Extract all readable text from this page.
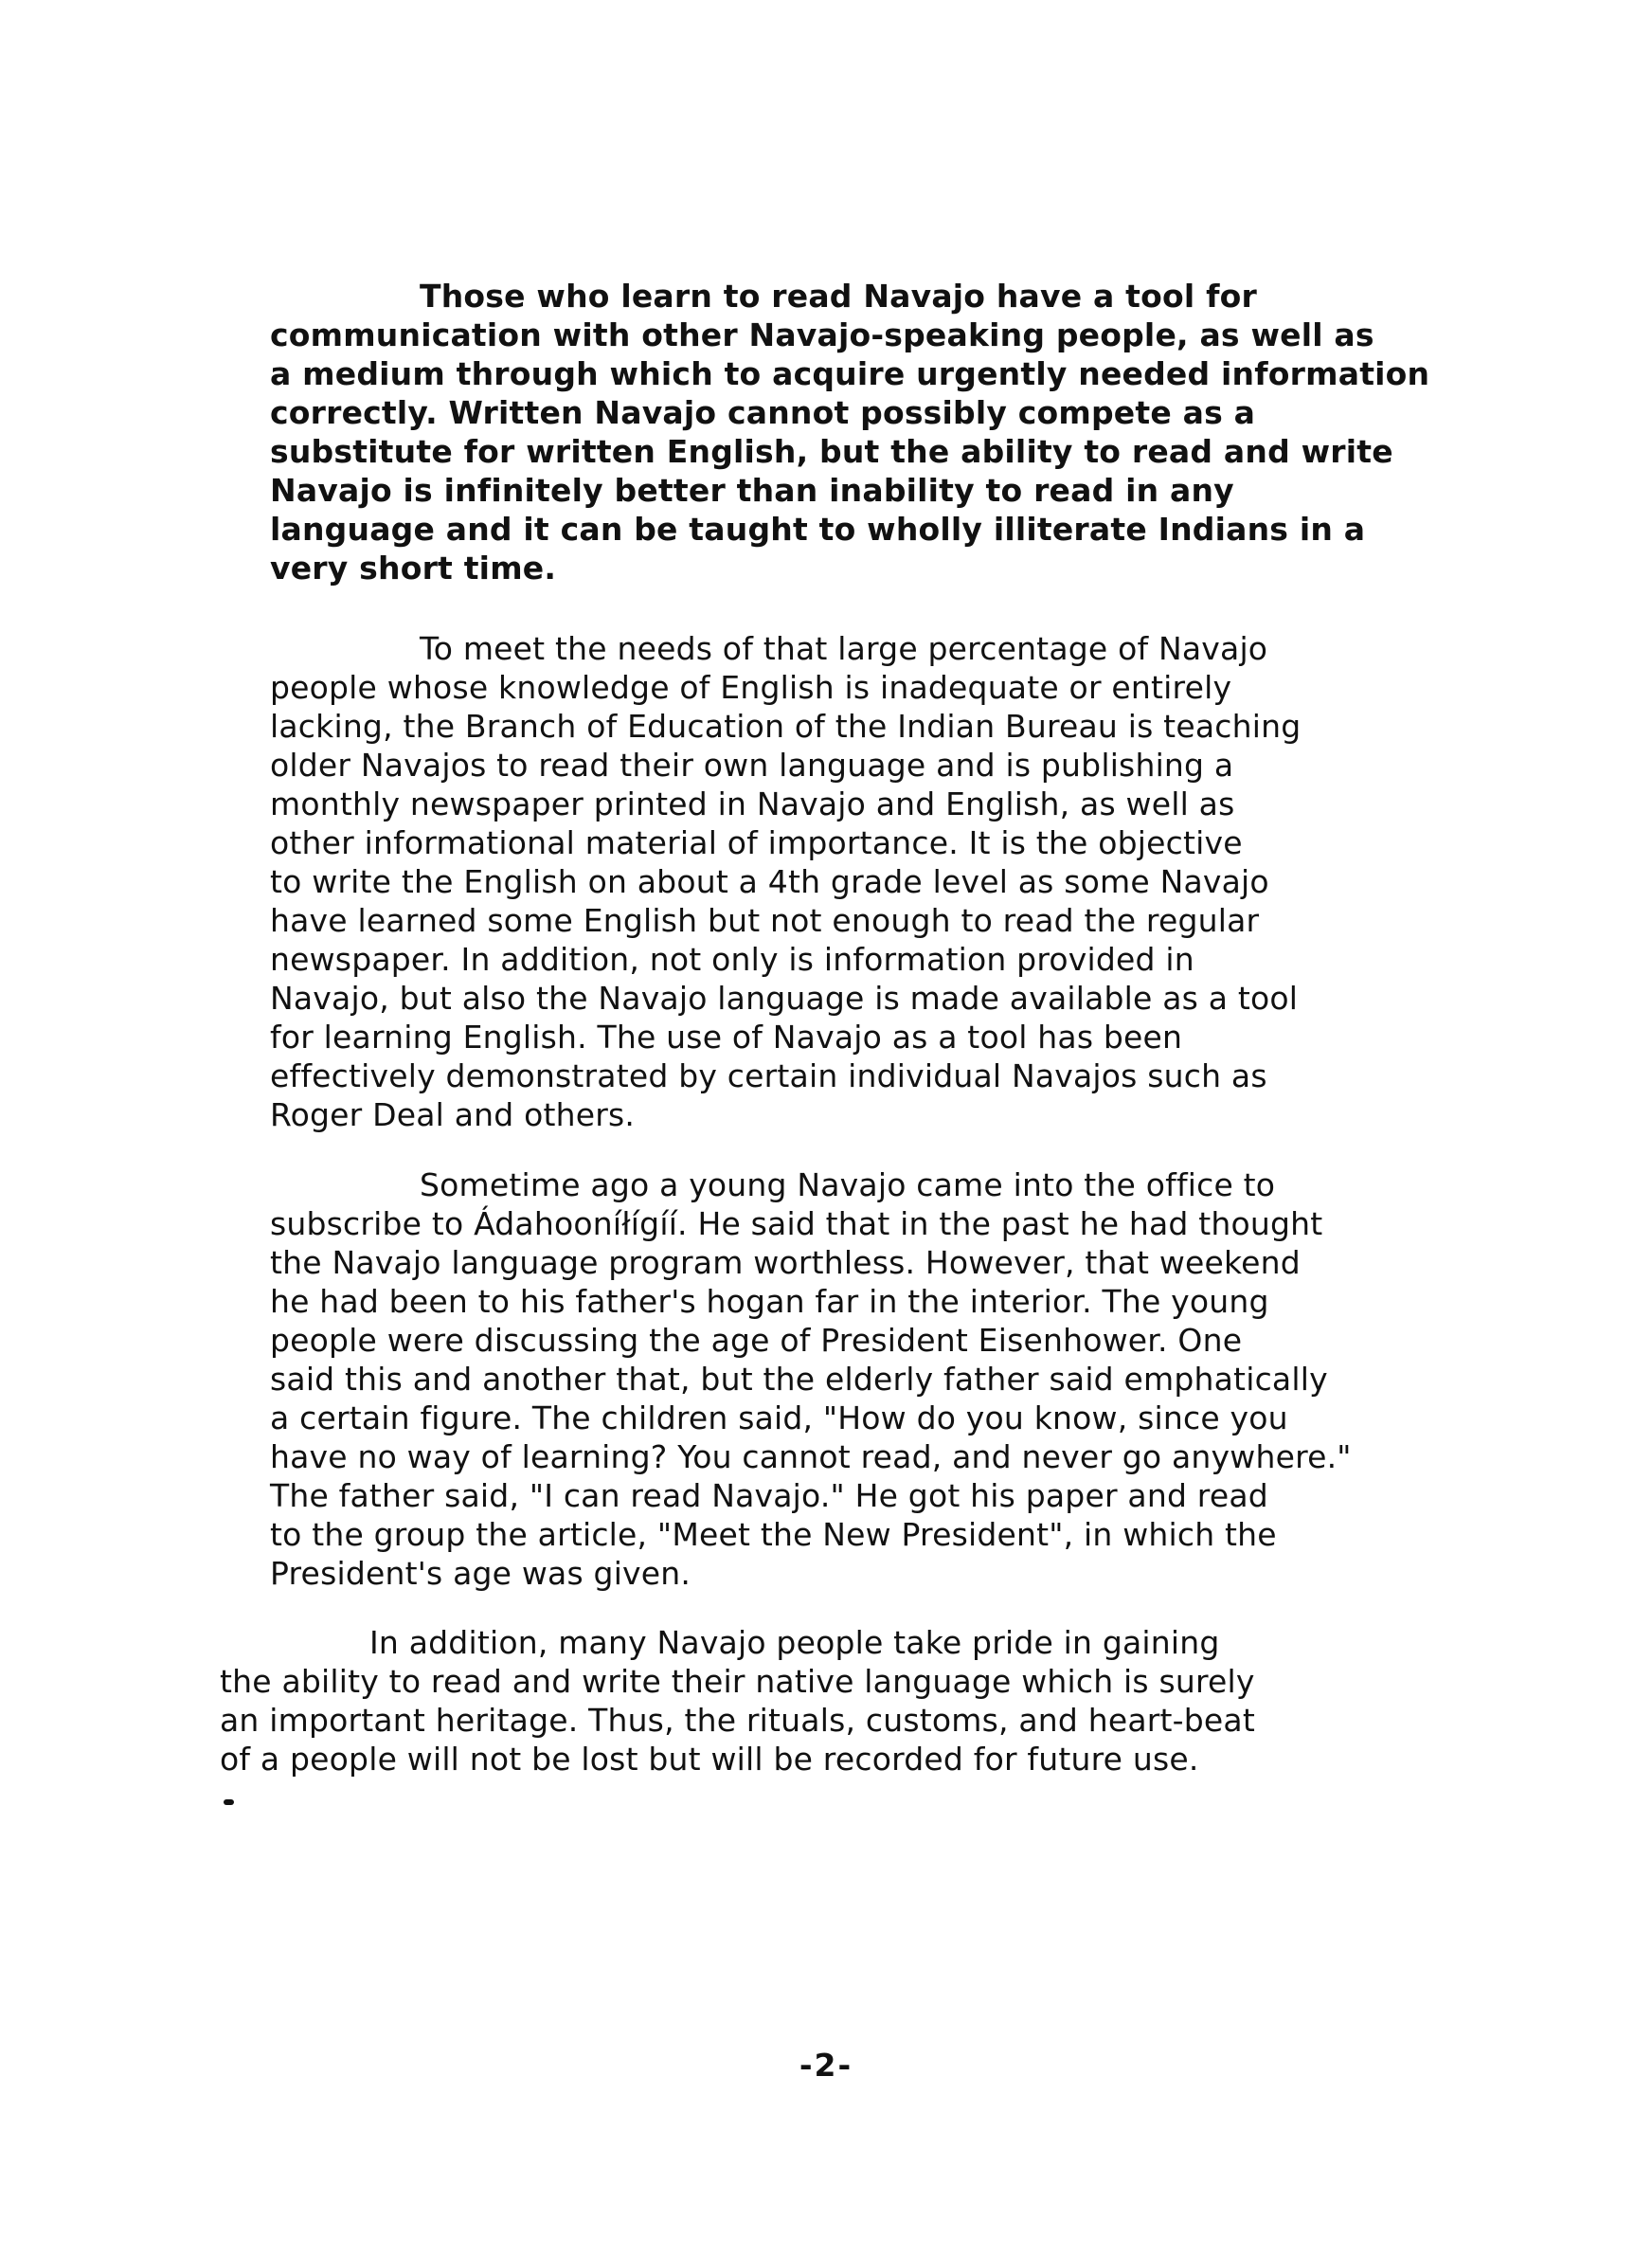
Those who learn to read Navajo have a tool for
communication with other Navajo-speaking people, as well as
a medium through which to acquire urgently needed information
correctly. Written Navajo cannot possibly compete as a
substitute for written English, but the ability to read and write
Navajo is infinitely better than inability to read in any
language and it can be taught to wholly illiterate Indians in a
very short time.
To meet the needs of that large percentage of Navajo
people whose knowledge of English is inadequate or entirely
lacking, the Branch of Education of the Indian Bureau is teaching
older Navajos to read their own language and is publishing a
monthly newspaper printed in Navajo and English, as well as
other informational material of importance. It is the objective
to write the English on about a 4th grade level as some Navajo
have learned some English but not enough to read the regular
newspaper. In addition, not only is information provided in
Navajo, but also the Navajo language is made available as a tool
for learning English. The use of Navajo as a tool has been
effectively demonstrated by certain individual Navajos such as
Roger Deal and others.
Sometime ago a young Navajo came into the office to
subscribe to Ádahooníłígíí. He said that in the past he had thought
the Navajo language program worthless. However, that weekend
he had been to his father's hogan far in the interior. The young
people were discussing the age of President Eisenhower. One
said this and another that, but the elderly father said emphatically
a certain figure. The children said, "How do you know, since you
have no way of learning? You cannot read, and never go anywhere."
The father said, "I can read Navajo." He got his paper and read
to the group the article, "Meet the New President", in which the
President's age was given.
In addition, many Navajo people take pride in gaining
the ability to read and write their native language which is surely
an important heritage. Thus, the rituals, customs, and heart-beat
of a people will not be lost but will be recorded for future use.
-2-
